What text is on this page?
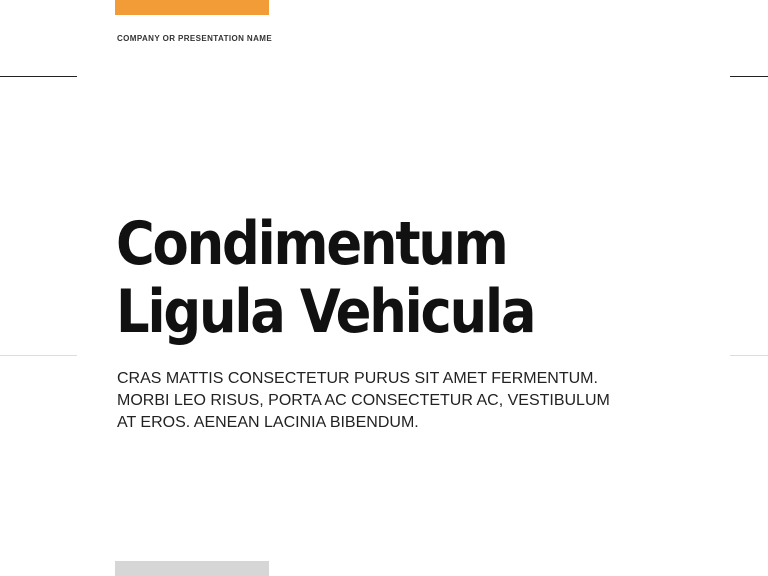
COMPANY OR PRESENTATION NAME
Condimentum
Ligula Vehicula

CRAS MATTIS CONSECTETUR PURUS SIT AMET FERMENTUM.
MORBI LEO RISUS, PORTA AC CONSECTETUR AC, VESTIBULUM
AT EROS. AENEAN LACINIA BIBENDUM.
